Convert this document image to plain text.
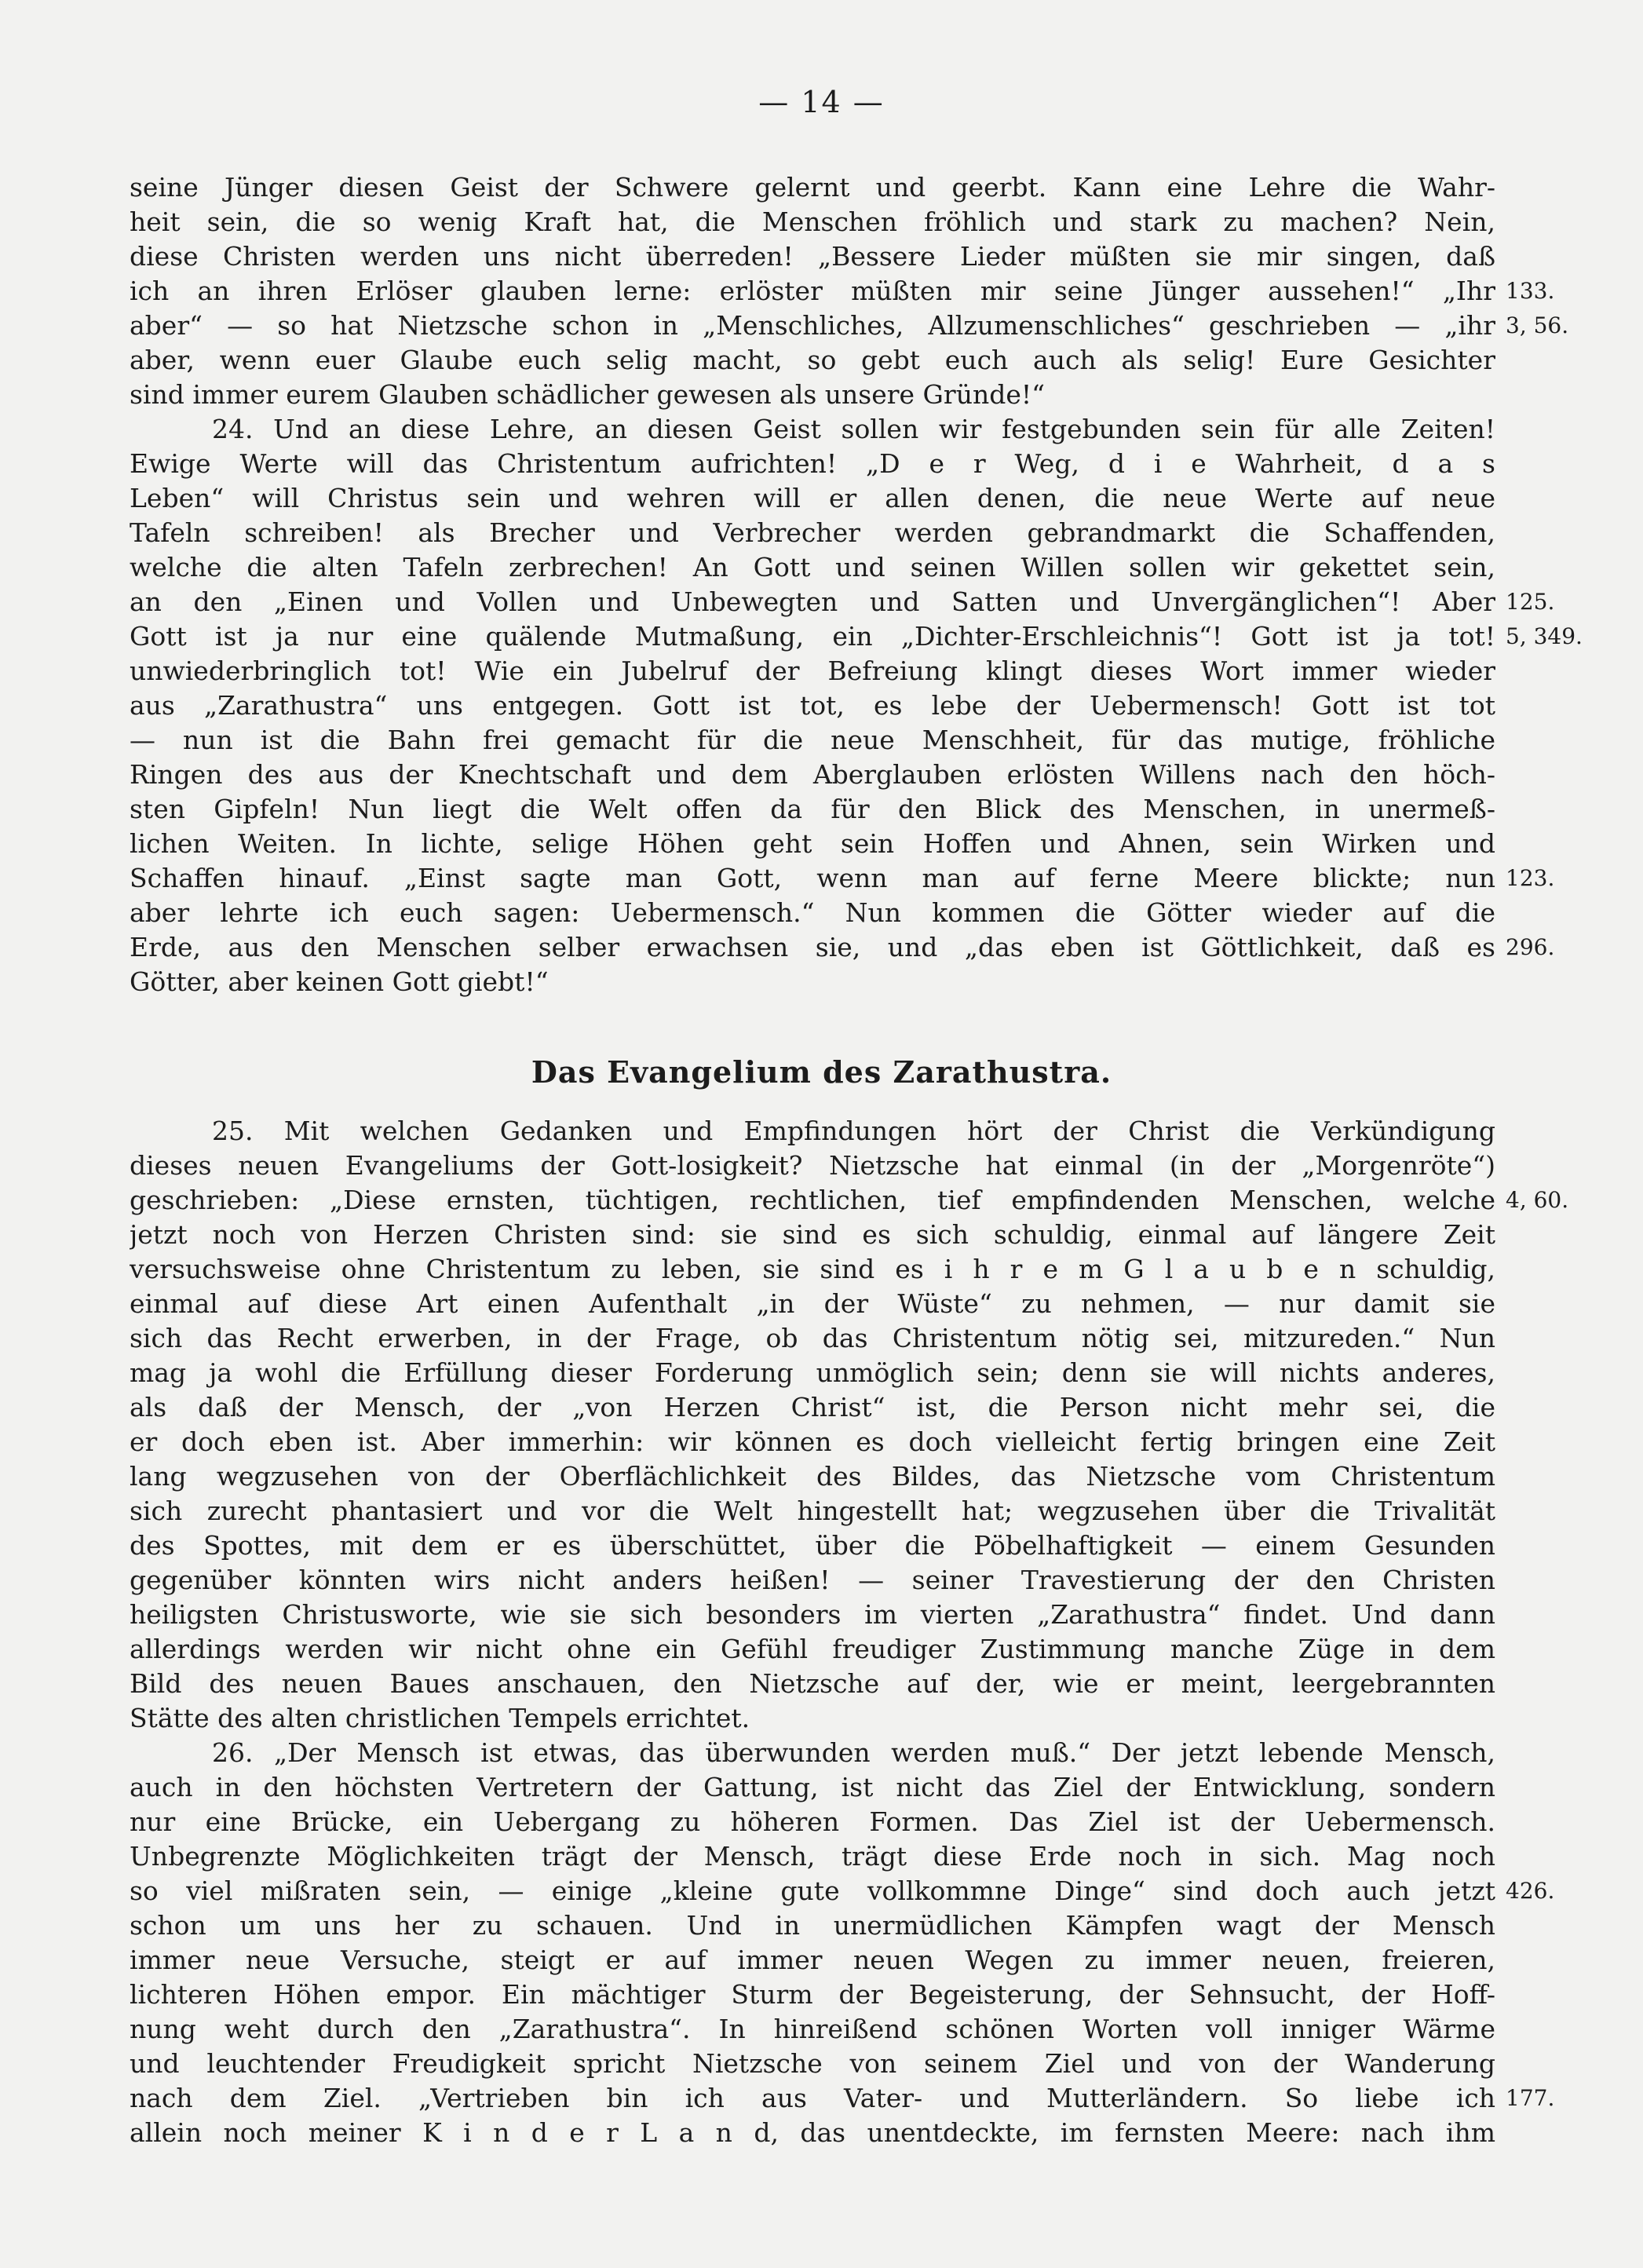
— 14 —
seine Jünger diesen Geist der Schwere gelernt und geerbt. Kann eine Lehre die Wahr-
heit sein, die so wenig Kraft hat, die Menschen fröhlich und stark zu machen? Nein,
diese Christen werden uns nicht überreden! „Bessere Lieder müßten sie mir singen, daß
ich an ihren Erlöser glauben lerne: erlöster müßten mir seine Jünger aussehen!“ „Ihr
aber“ — so hat Nietzsche schon in „Menschliches, Allzumenschliches“ geschrieben — „ihr
aber, wenn euer Glaube euch selig macht, so gebt euch auch als selig! Eure Gesichter
sind immer eurem Glauben schädlicher gewesen als unsere Gründe!“
24. Und an diese Lehre, an diesen Geist sollen wir festgebunden sein für alle Zeiten!
Ewige Werte will das Christentum aufrichten! „D e r Weg, d i e Wahrheit, d a s
Leben“ will Christus sein und wehren will er allen denen, die neue Werte auf neue
Tafeln schreiben! als Brecher und Verbrecher werden gebrandmarkt die Schaffenden,
welche die alten Tafeln zerbrechen! An Gott und seinen Willen sollen wir gekettet sein,
an den „Einen und Vollen und Unbewegten und Satten und Unvergänglichen“! Aber
Gott ist ja nur eine quälende Mutmaßung, ein „Dichter-Erschleichnis“! Gott ist ja tot!
unwiederbringlich tot! Wie ein Jubelruf der Befreiung klingt dieses Wort immer wieder
aus „Zarathustra“ uns entgegen. Gott ist tot, es lebe der Uebermensch! Gott ist tot
— nun ist die Bahn frei gemacht für die neue Menschheit, für das mutige, fröhliche
Ringen des aus der Knechtschaft und dem Aberglauben erlösten Willens nach den höch-
sten Gipfeln! Nun liegt die Welt offen da für den Blick des Menschen, in unermeß-
lichen Weiten. In lichte, selige Höhen geht sein Hoffen und Ahnen, sein Wirken und
Schaffen hinauf. „Einst sagte man Gott, wenn man auf ferne Meere blickte; nun
aber lehrte ich euch sagen: Uebermensch.“ Nun kommen die Götter wieder auf die
Erde, aus den Menschen selber erwachsen sie, und „das eben ist Göttlichkeit, daß es
Götter, aber keinen Gott giebt!“
133.
3, 56.
125.
5, 349.
123.
296.
Das Evangelium des Zarathustra.
25. Mit welchen Gedanken und Empfindungen hört der Christ die Verkündigung
dieses neuen Evangeliums der Gott-losigkeit? Nietzsche hat einmal (in der „Morgenröte“)
geschrieben: „Diese ernsten, tüchtigen, rechtlichen, tief empfindenden Menschen, welche
jetzt noch von Herzen Christen sind: sie sind es sich schuldig, einmal auf längere Zeit
versuchsweise ohne Christentum zu leben, sie sind es i h r e m G l a u b e n schuldig,
einmal auf diese Art einen Aufenthalt „in der Wüste“ zu nehmen, — nur damit sie
sich das Recht erwerben, in der Frage, ob das Christentum nötig sei, mitzureden.“ Nun
mag ja wohl die Erfüllung dieser Forderung unmöglich sein; denn sie will nichts anderes,
als daß der Mensch, der „von Herzen Christ“ ist, die Person nicht mehr sei, die
er doch eben ist. Aber immerhin: wir können es doch vielleicht fertig bringen eine Zeit
lang wegzusehen von der Oberflächlichkeit des Bildes, das Nietzsche vom Christentum
sich zurecht phantasiert und vor die Welt hingestellt hat; wegzusehen über die Trivalität
des Spottes, mit dem er es überschüttet, über die Pöbelhaftigkeit — einem Gesunden
gegenüber könnten wirs nicht anders heißen! — seiner Travestierung der den Christen
heiligsten Christusworte, wie sie sich besonders im vierten „Zarathustra“ findet. Und dann
allerdings werden wir nicht ohne ein Gefühl freudiger Zustimmung manche Züge in dem
Bild des neuen Baues anschauen, den Nietzsche auf der, wie er meint, leergebrannten
Stätte des alten christlichen Tempels errichtet.
26. „Der Mensch ist etwas, das überwunden werden muß.“ Der jetzt lebende Mensch,
auch in den höchsten Vertretern der Gattung, ist nicht das Ziel der Entwicklung, sondern
nur eine Brücke, ein Uebergang zu höheren Formen. Das Ziel ist der Uebermensch.
Unbegrenzte Möglichkeiten trägt der Mensch, trägt diese Erde noch in sich. Mag noch
so viel mißraten sein, — einige „kleine gute vollkommne Dinge“ sind doch auch jetzt
schon um uns her zu schauen. Und in unermüdlichen Kämpfen wagt der Mensch
immer neue Versuche, steigt er auf immer neuen Wegen zu immer neuen, freieren,
lichteren Höhen empor. Ein mächtiger Sturm der Begeisterung, der Sehnsucht, der Hoff-
nung weht durch den „Zarathustra“. In hinreißend schönen Worten voll inniger Wärme
und leuchtender Freudigkeit spricht Nietzsche von seinem Ziel und von der Wanderung
nach dem Ziel. „Vertrieben bin ich aus Vater- und Mutterländern. So liebe ich
allein noch meiner K i n d e r L a n d, das unentdeckte, im fernsten Meere: nach ihm
4, 60.
426.
177.
